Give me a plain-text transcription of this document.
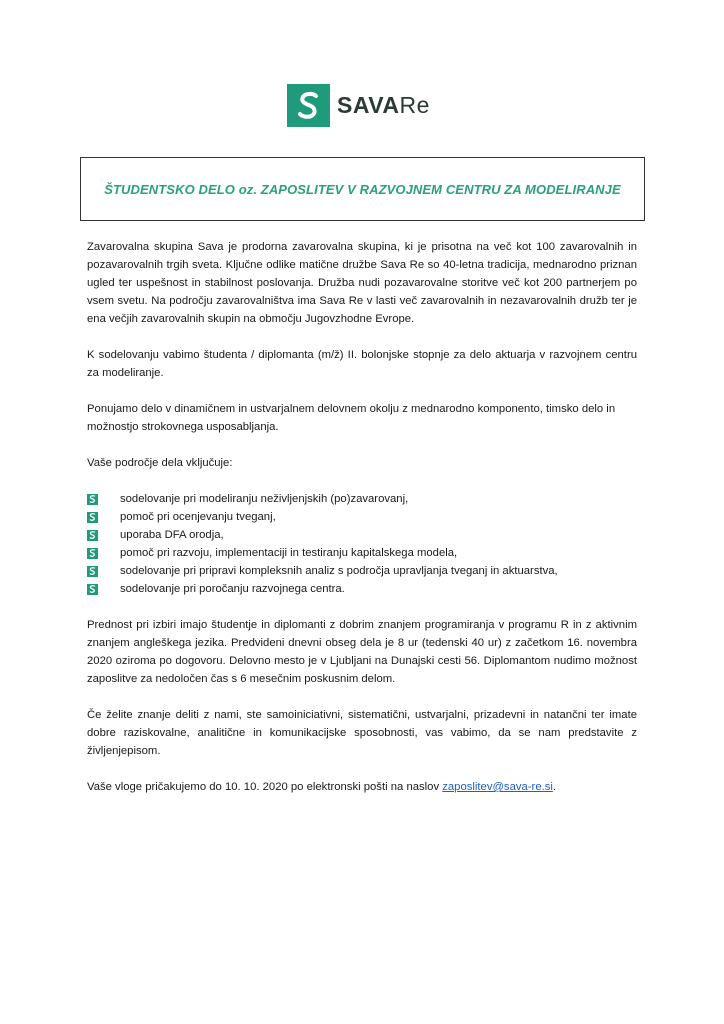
SAVARe
ŠTUDENTSKO DELO oz. ZAPOSLITEV V RAZVOJNEM CENTRU ZA MODELIRANJE

Zavarovalna skupina Sava je prodorna zavarovalna skupina, ki je prisotna na več kot 100 zavarovalnih in pozavarovalnih trgih sveta. Ključne odlike matične družbe Sava Re so 40-letna tradicija, mednarodno priznan ugled ter uspešnost in stabilnost poslovanja. Družba nudi pozavarovalne storitve več kot 200 partnerjem po vsem svetu. Na področju zavarovalništva ima Sava Re v lasti več zavarovalnih in nezavarovalnih družb ter je ena večjih zavarovalnih skupin na območju Jugovzhodne Evrope.

K sodelovanju vabimo študenta / diplomanta (m/ž) II. bolonjske stopnje za delo aktuarja v razvojnem centru za modeliranje.

Ponujamo delo v dinamičnem in ustvarjalnem delovnem okolju z mednarodno komponento, timsko delo in možnostjo strokovnega usposabljanja.

Vaše področje dela vključuje:

sodelovanje pri modeliranju neživljenjskih (po)zavarovanj,
pomoč pri ocenjevanju tveganj,
uporaba DFA orodja,
pomoč pri razvoju, implementaciji in testiranju kapitalskega modela,
sodelovanje pri pripravi kompleksnih analiz s področja upravljanja tveganj in aktuarstva,
sodelovanje pri poročanju razvojnega centra.

Prednost pri izbiri imajo študentje in diplomanti z dobrim znanjem programiranja v programu R in z aktivnim znanjem angleškega jezika. Predvideni dnevni obseg dela je 8 ur (tedenski 40 ur) z začetkom 16. novembra 2020 oziroma po dogovoru. Delovno mesto je v Ljubljani na Dunajski cesti 56. Diplomantom nudimo možnost zaposlitve za nedoločen čas s 6 mesečnim poskusnim delom.

Če želite znanje deliti z nami, ste samoiniciativni, sistematični, ustvarjalni, prizadevni in natančni ter imate dobre raziskovalne, analitične in komunikacijske sposobnosti, vas vabimo, da se nam predstavite z življenjepisom.

Vaše vloge pričakujemo do 10. 10. 2020 po elektronski pošti na naslov zaposlitev@sava-re.si.
